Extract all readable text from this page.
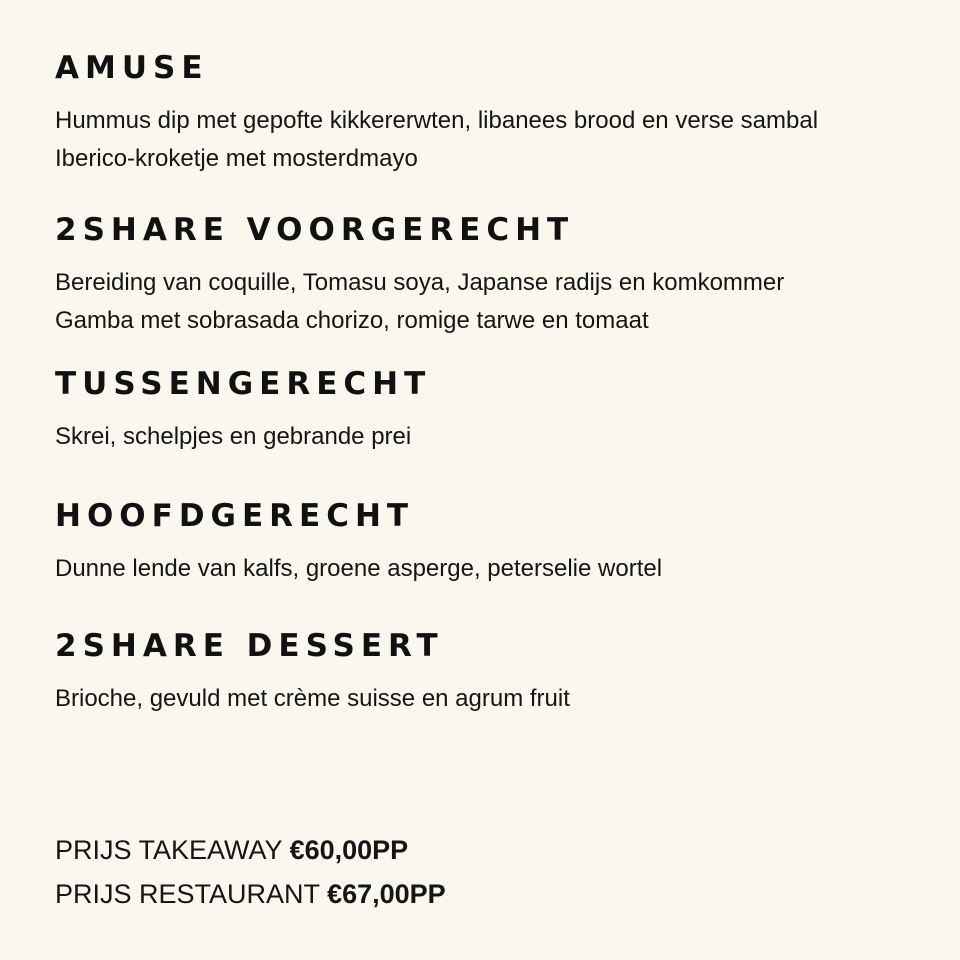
AMUSE

Hummus dip met gepofte kikkererwten, libanees brood en verse sambal

Iberico-kroketje met mosterdmayo

2SHARE VOORGERECHT

Bereiding van coquille, Tomasu soya, Japanse radijs en komkommer

Gamba met sobrasada chorizo, romige tarwe en tomaat

TUSSENGERECHT

Skrei, schelpjes en gebrande prei

HOOFDGERECHT

Dunne lende van kalfs, groene asperge, peterselie wortel

2SHARE DESSERT

Brioche, gevuld met crème suisse en agrum fruit

PRIJS TAKEAWAY €60,00PP
PRIJS RESTAURANT €67,00PP
